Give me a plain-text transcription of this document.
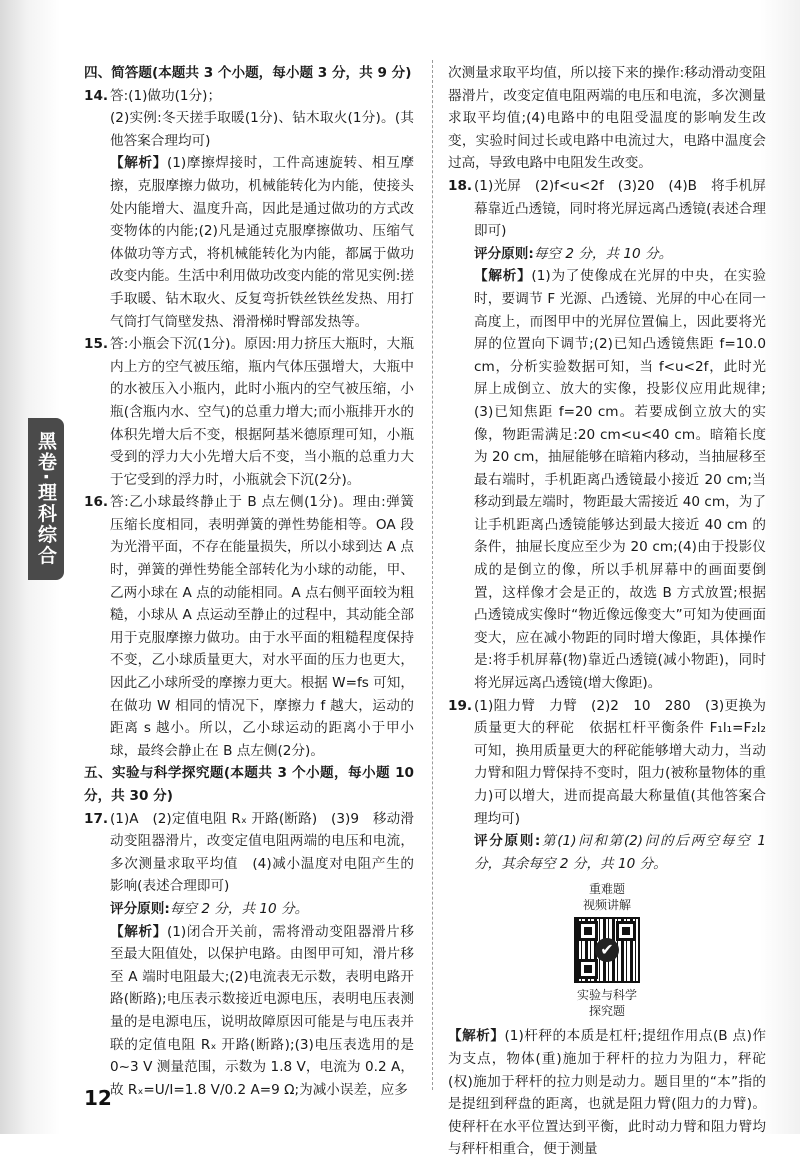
黑卷·理科综合

四、简答题(本题共 3 个小题，每小题 3 分，共 9 分)

14. 答:(1)做功(1分)；

(2)实例:冬天搓手取暖(1分)、钻木取火(1分)。(其他答案合理均可)

【解析】(1)摩擦焊接时，工件高速旋转、相互摩擦，克服摩擦力做功，机械能转化为内能，使接头处内能增大、温度升高，因此是通过做功的方式改变物体的内能;(2)凡是通过克服摩擦做功、压缩气体做功等方式，将机械能转化为内能，都属于做功改变内能。生活中利用做功改变内能的常见实例:搓手取暖、钻木取火、反复弯折铁丝铁丝发热、用打气筒打气筒壁发热、滑滑梯时臀部发热等。

15. 答:小瓶会下沉(1分)。原因:用力挤压大瓶时，大瓶内上方的空气被压缩，瓶内气体压强增大，大瓶中的水被压入小瓶内，此时小瓶内的空气被压缩，小瓶(含瓶内水、空气)的总重力增大;而小瓶排开水的体积先增大后不变，根据阿基米德原理可知，小瓶受到的浮力大小先增大后不变，当小瓶的总重力大于它受到的浮力时，小瓶就会下沉(2分)。
16. 答:乙小球最终静止于 B 点左侧(1分)。理由:弹簧压缩长度相同，表明弹簧的弹性势能相等。OA 段为光滑平面，不存在能量损失，所以小球到达 A 点时，弹簧的弹性势能全部转化为小球的动能，甲、乙两小球在 A 点的动能相同。A 点右侧平面较为粗糙，小球从 A 点运动至静止的过程中，其动能全部用于克服摩擦力做功。由于水平面的粗糙程度保持不变，乙小球质量更大，对水平面的压力也更大，因此乙小球所受的摩擦力更大。根据 W=fs 可知，在做功 W 相同的情况下，摩擦力 f 越大，运动的距离 s 越小。所以，乙小球运动的距离小于甲小球，最终会静止在 B 点左侧(2分)。

五、实验与科学探究题(本题共 3 个小题，每小题 10 分，共 30 分)

17. (1)A　(2)定值电阻 Rₓ 开路(断路)　(3)9　移动滑动变阻器滑片，改变定值电阻两端的电压和电流，多次测量求取平均值　(4)减小温度对电阻产生的影响(表述合理即可)

评分原则:每空 2 分，共 10 分。

【解析】(1)闭合开关前，需将滑动变阻器滑片移至最大阻值处，以保护电路。由图甲可知，滑片移至 A 端时电阻最大;(2)电流表无示数，表明电路开路(断路);电压表示数接近电源电压，表明电压表测量的是电源电压，说明故障原因可能是与电压表并联的定值电阻 Rₓ 开路(断路);(3)电压表选用的是 0~3 V 测量范围，示数为 1.8 V，电流为 0.2 A，故 Rₓ=U/I=1.8 V/0.2 A=9 Ω;为减小误差，应多

次测量求取平均值，所以接下来的操作:移动滑动变阻器滑片，改变定值电阻两端的电压和电流，多次测量求取平均值;(4)电路中的电阻受温度的影响发生改变，实验时间过长或电路中电流过大，电路中温度会过高，导致电路中电阻发生改变。

18. (1)光屏　(2)f<u<2f　(3)20　(4)B　将手机屏幕靠近凸透镜，同时将光屏远离凸透镜(表述合理即可)

评分原则:每空 2 分，共 10 分。

【解析】(1)为了使像成在光屏的中央，在实验时，要调节 F 光源、凸透镜、光屏的中心在同一高度上，而图甲中的光屏位置偏上，因此要将光屏的位置向下调节;(2)已知凸透镜焦距 f=10.0 cm，分析实验数据可知，当 f<u<2f，此时光屏上成倒立、放大的实像，投影仪应用此规律;(3)已知焦距 f=20 cm。若要成倒立放大的实像，物距需满足:20 cm<u<40 cm。暗箱长度为 20 cm，抽屉能够在暗箱内移动，当抽屉移至最右端时，手机距离凸透镜最小接近 20 cm;当移动到最左端时，物距最大需接近 40 cm，为了让手机距离凸透镜能够达到最大接近 40 cm 的条件，抽屉长度应至少为 20 cm;(4)由于投影仪成的是倒立的像，所以手机屏幕中的画面要倒置，这样像才会是正的，故选 B 方式放置;根据凸透镜成实像时“物近像远像变大”可知为使画面变大，应在减小物距的同时增大像距，具体操作是:将手机屏幕(物)靠近凸透镜(减小物距)，同时将光屏远离凸透镜(增大像距)。

19. (1)阻力臂　力臂　(2)2　10　280　(3)更换为质量更大的秤砣　依据杠杆平衡条件 F₁l₁=F₂l₂ 可知，换用质量更大的秤砣能够增大动力，当动力臂和阻力臂保持不变时，阻力(被称量物体的重力)可以增大，进而提高最大称量值(其他答案合理均可)

评分原则:第(1)问和第(2)问的后两空每空 1 分，其余每空 2 分，共 10 分。

重难题
视频讲解
✔
实验与科学
探究题

【解析】(1)杆秤的本质是杠杆;提纽作用点(B 点)作为支点，物体(重)施加于秤杆的拉力为阻力，秤砣(权)施加于秤杆的拉力则是动力。题目里的“本”指的是提纽到秤盘的距离，也就是阻力臂(阻力的力臂)。使秤杆在水平位置达到平衡，此时动力臂和阻力臂均与秤杆相重合，便于测量

12
